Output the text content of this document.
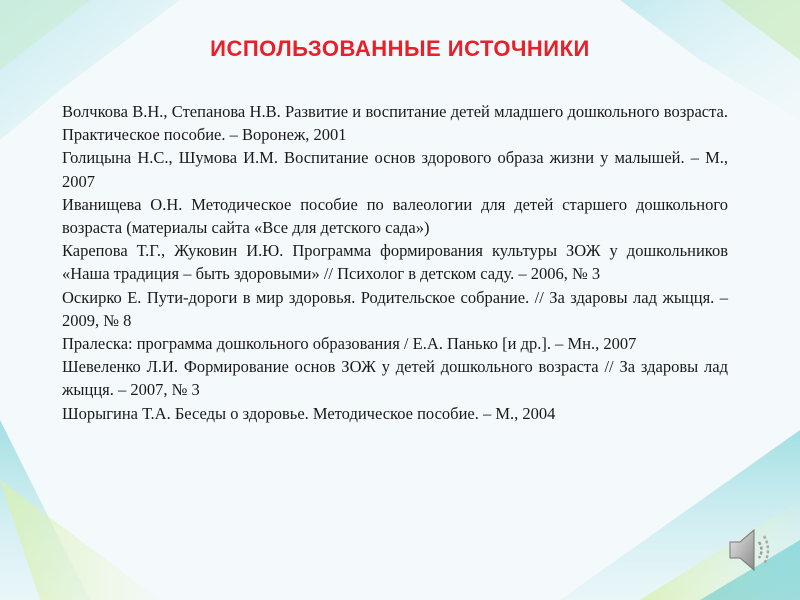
ИСПОЛЬЗОВАННЫЕ ИСТОЧНИКИ
Волчкова В.Н., Степанова Н.В. Развитие и воспитание детей младшего дошкольного возраста. Практическое пособие. – Воронеж, 2001
Голицына Н.С., Шумова И.М. Воспитание основ здорового образа жизни у малышей. – М., 2007
Иванищева О.Н. Методическое пособие по валеологии для детей старшего дошкольного возраста (материалы сайта «Все для детского сада»)
Карепова Т.Г., Жуковин И.Ю. Программа формирования культуры ЗОЖ у дошкольников «Наша традиция – быть здоровыми» // Психолог в детском саду. – 2006, № 3
Оскирко Е. Пути-дороги в мир здоровья. Родительское собрание. // За здаровы лад жыцця. – 2009, № 8
Пралеска: программа дошкольного образования / Е.А. Панько [и др.]. – Мн., 2007
Шевеленко Л.И. Формирование основ ЗОЖ у детей дошкольного возраста // За здаровы лад жыцця. – 2007, № 3
Шорыгина Т.А. Беседы о здоровье. Методическое пособие. – М., 2004
